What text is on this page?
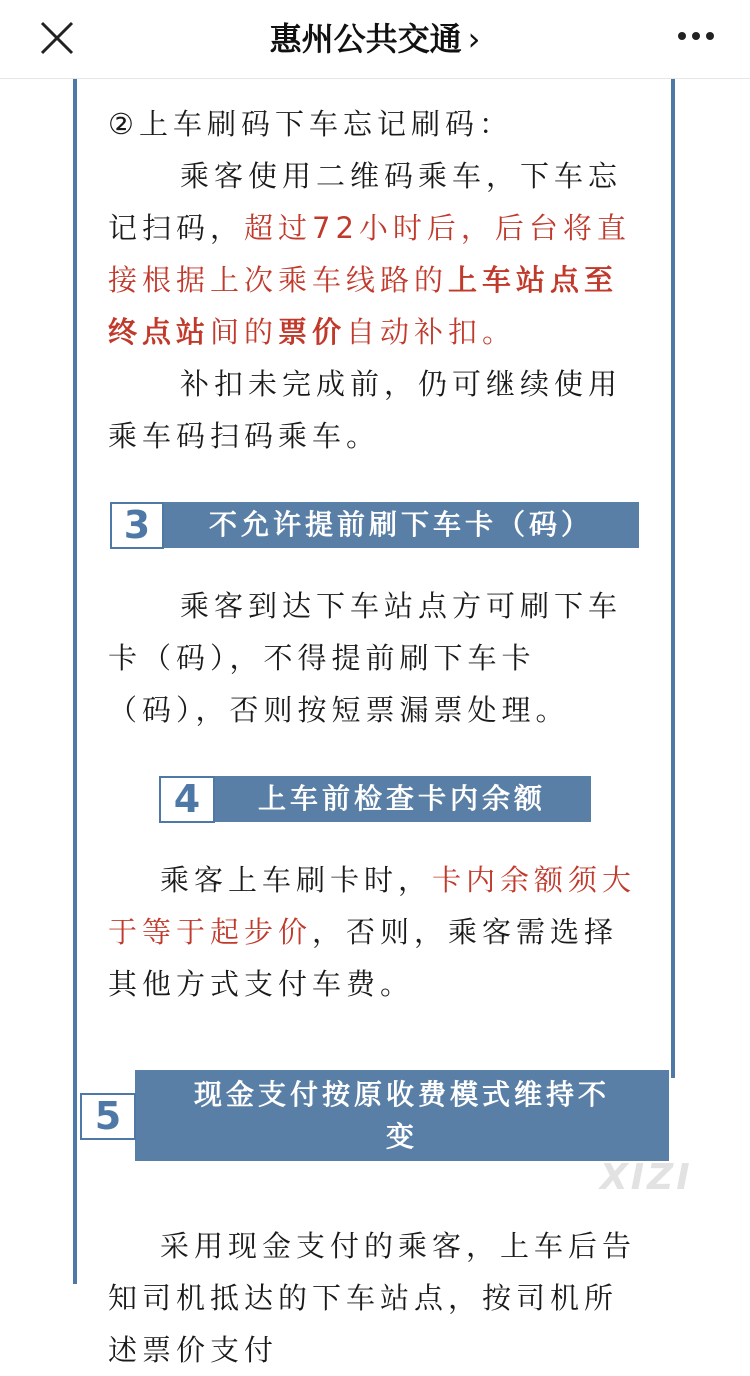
惠州公共交通 ›
②上车刷码下车忘记刷码：
乘客使用二维码乘车，下车忘记扫码，超过72小时后，后台将直接根据上次乘车线路的上车站点至终点站间的票价自动补扣。
补扣未完成前，仍可继续使用乘车码扫码乘车。
不允许提前刷下车卡（码）
3
乘客到达下车站点方可刷下车卡（码），不得提前刷下车卡（码），否则按短票漏票处理。
上车前检查卡内余额
4
乘客上车刷卡时，卡内余额须大于等于起步价，否则，乘客需选择其他方式支付车费。
现金支付按原收费模式维持不变
5
采用现金支付的乘客，上车后告知司机抵达的下车站点，按司机所述票价支付
XIZI
